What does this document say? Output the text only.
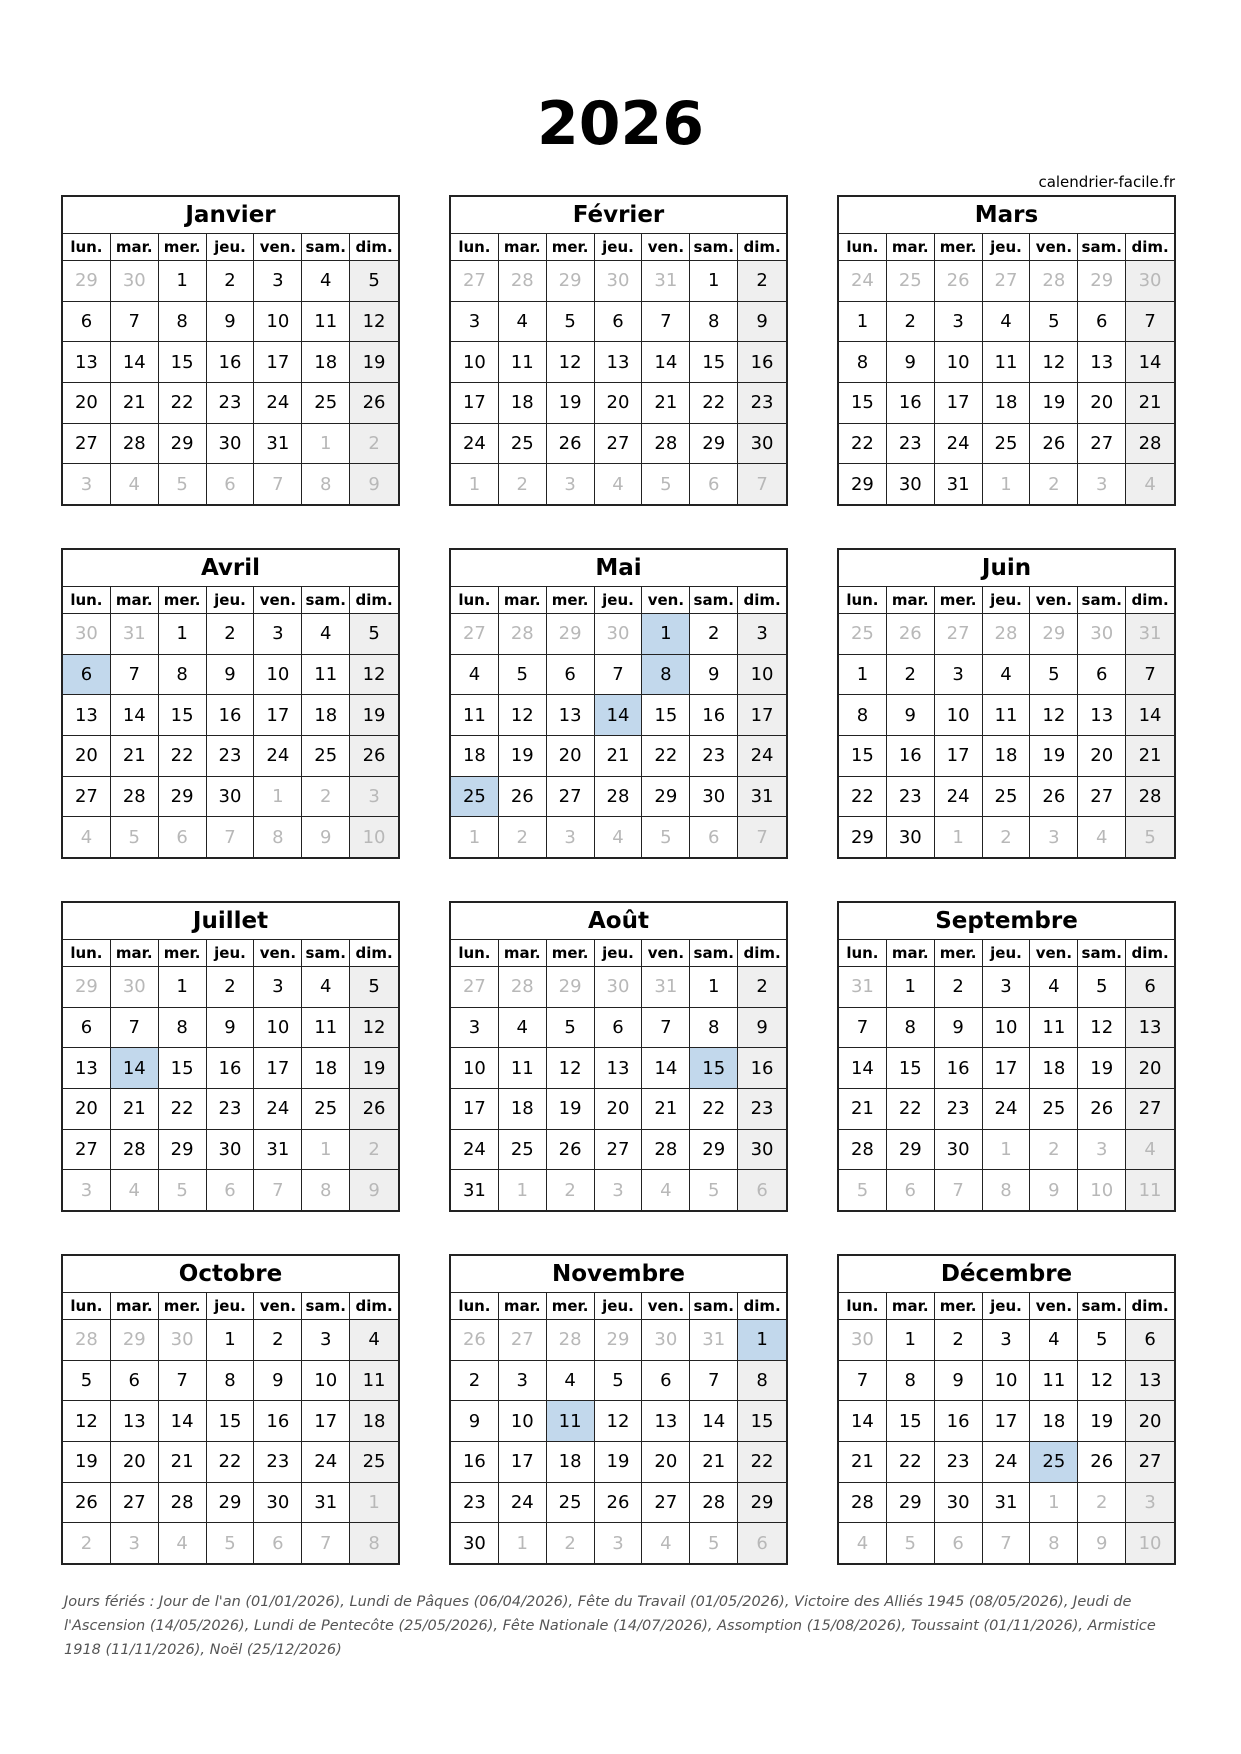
2026
calendrier-facile.fr
Janvier
lun. mar. mer. jeu. ven. sam. dim.
29	30	1	2	3	4	5
6	7	8	9	10	11	12
13	14	15	16	17	18	19
20	21	22	23	24	25	26
27	28	29	30	31	1	2
3	4	5	6	7	8	9
Février
lun. mar. mer. jeu. ven. sam. dim.
27	28	29	30	31	1	2
3	4	5	6	7	8	9
10	11	12	13	14	15	16
17	18	19	20	21	22	23
24	25	26	27	28	29	30
1	2	3	4	5	6	7
Mars
lun. mar. mer. jeu. ven. sam. dim.
24	25	26	27	28	29	30
1	2	3	4	5	6	7
8	9	10	11	12	13	14
15	16	17	18	19	20	21
22	23	24	25	26	27	28
29	30	31	1	2	3	4
Avril
lun. mar. mer. jeu. ven. sam. dim.
30	31	1	2	3	4	5
6	7	8	9	10	11	12
13	14	15	16	17	18	19
20	21	22	23	24	25	26
27	28	29	30	1	2	3
4	5	6	7	8	9	10
Mai
lun. mar. mer. jeu. ven. sam. dim.
27	28	29	30	1	2	3
4	5	6	7	8	9	10
11	12	13	14	15	16	17
18	19	20	21	22	23	24
25	26	27	28	29	30	31
1	2	3	4	5	6	7
Juin
lun. mar. mer. jeu. ven. sam. dim.
25	26	27	28	29	30	31
1	2	3	4	5	6	7
8	9	10	11	12	13	14
15	16	17	18	19	20	21
22	23	24	25	26	27	28
29	30	1	2	3	4	5
Juillet
lun. mar. mer. jeu. ven. sam. dim.
29	30	1	2	3	4	5
6	7	8	9	10	11	12
13	14	15	16	17	18	19
20	21	22	23	24	25	26
27	28	29	30	31	1	2
3	4	5	6	7	8	9
Août
lun. mar. mer. jeu. ven. sam. dim.
27	28	29	30	31	1	2
3	4	5	6	7	8	9
10	11	12	13	14	15	16
17	18	19	20	21	22	23
24	25	26	27	28	29	30
31	1	2	3	4	5	6
Septembre
lun. mar. mer. jeu. ven. sam. dim.
31	1	2	3	4	5	6
7	8	9	10	11	12	13
14	15	16	17	18	19	20
21	22	23	24	25	26	27
28	29	30	1	2	3	4
5	6	7	8	9	10	11
Octobre
lun. mar. mer. jeu. ven. sam. dim.
28	29	30	1	2	3	4
5	6	7	8	9	10	11
12	13	14	15	16	17	18
19	20	21	22	23	24	25
26	27	28	29	30	31	1
2	3	4	5	6	7	8
Novembre
lun. mar. mer. jeu. ven. sam. dim.
26	27	28	29	30	31	1
2	3	4	5	6	7	8
9	10	11	12	13	14	15
16	17	18	19	20	21	22
23	24	25	26	27	28	29
30	1	2	3	4	5	6
Décembre
lun. mar. mer. jeu. ven. sam. dim.
30	1	2	3	4	5	6
7	8	9	10	11	12	13
14	15	16	17	18	19	20
21	22	23	24	25	26	27
28	29	30	31	1	2	3
4	5	6	7	8	9	10
Jours fériés : Jour de l'an (01/01/2026), Lundi de Pâques (06/04/2026), Fête du Travail (01/05/2026), Victoire des Alliés 1945 (08/05/2026), Jeudi de l'Ascension (14/05/2026), Lundi de Pentecôte (25/05/2026), Fête Nationale (14/07/2026), Assomption (15/08/2026), Toussaint (01/11/2026), Armistice 1918 (11/11/2026), Noël (25/12/2026)
